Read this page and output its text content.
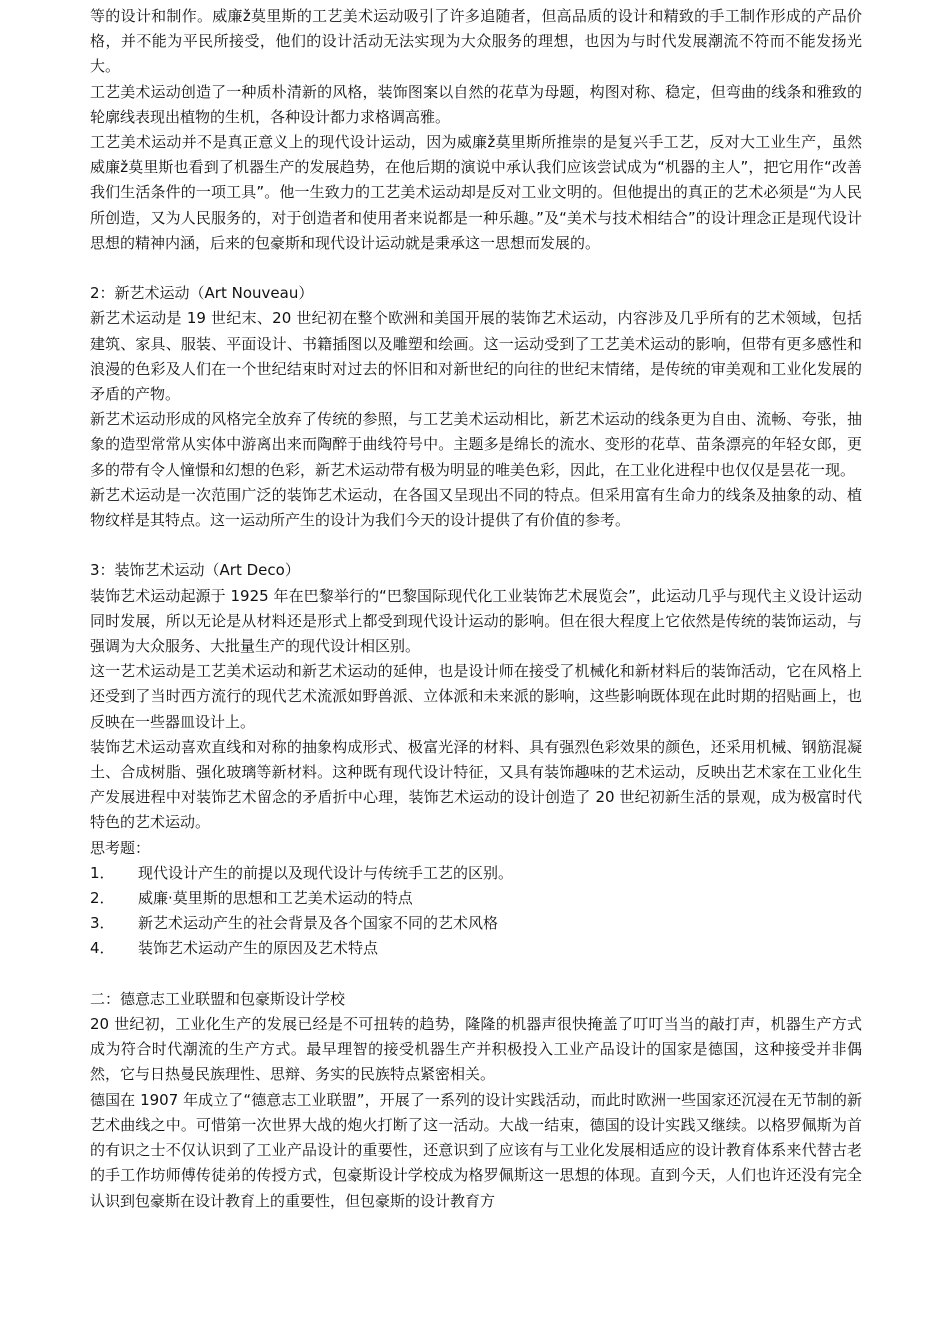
等的设计和制作。威廉ž莫里斯的工艺美术运动吸引了许多追随者，但高品质的设计和精致的手工制作形成的产品价格，并不能为平民所接受，他们的设计活动无法实现为大众服务的理想，也因为与时代发展潮流不符而不能发扬光大。

工艺美术运动创造了一种质朴清新的风格，装饰图案以自然的花草为母题，构图对称、稳定，但弯曲的线条和雅致的轮廓线表现出植物的生机，各种设计都力求格调高雅。

工艺美术运动并不是真正意义上的现代设计运动，因为威廉ž莫里斯所推崇的是复兴手工艺，反对大工业生产，虽然威廉ž莫里斯也看到了机器生产的发展趋势，在他后期的演说中承认我们应该尝试成为“机器的主人”，把它用作“改善我们生活条件的一项工具”。他一生致力的工艺美术运动却是反对工业文明的。但他提出的真正的艺术必须是“为人民所创造，又为人民服务的，对于创造者和使用者来说都是一种乐趣。”及“美术与技术相结合”的设计理念正是现代设计思想的精神内涵，后来的包豪斯和现代设计运动就是秉承这一思想而发展的。

2：新艺术运动（Art Nouveau）

新艺术运动是 19 世纪末、20 世纪初在整个欧洲和美国开展的装饰艺术运动，内容涉及几乎所有的艺术领域，包括建筑、家具、服装、平面设计、书籍插图以及雕塑和绘画。这一运动受到了工艺美术运动的影响，但带有更多感性和浪漫的色彩及人们在一个世纪结束时对过去的怀旧和对新世纪的向往的世纪末情绪，是传统的审美观和工业化发展的矛盾的产物。

新艺术运动形成的风格完全放弃了传统的参照，与工艺美术运动相比，新艺术运动的线条更为自由、流畅、夸张，抽象的造型常常从实体中游离出来而陶醉于曲线符号中。主题多是绵长的流水、变形的花草、苗条漂亮的年轻女郎，更多的带有令人憧憬和幻想的色彩，新艺术运动带有极为明显的唯美色彩，因此，在工业化进程中也仅仅是昙花一现。

新艺术运动是一次范围广泛的装饰艺术运动，在各国又呈现出不同的特点。但采用富有生命力的线条及抽象的动、植物纹样是其特点。这一运动所产生的设计为我们今天的设计提供了有价值的参考。

3：装饰艺术运动（Art Deco）

装饰艺术运动起源于 1925 年在巴黎举行的“巴黎国际现代化工业装饰艺术展览会”，此运动几乎与现代主义设计运动同时发展，所以无论是从材料还是形式上都受到现代设计运动的影响。但在很大程度上它依然是传统的装饰运动，与强调为大众服务、大批量生产的现代设计相区别。

这一艺术运动是工艺美术运动和新艺术运动的延伸，也是设计师在接受了机械化和新材料后的装饰活动，它在风格上还受到了当时西方流行的现代艺术流派如野兽派、立体派和未来派的影响，这些影响既体现在此时期的招贴画上，也反映在一些器皿设计上。

装饰艺术运动喜欢直线和对称的抽象构成形式、极富光泽的材料、具有强烈色彩效果的颜色，还采用机械、钢筋混凝土、合成树脂、强化玻璃等新材料。这种既有现代设计特征，又具有装饰趣味的艺术运动，反映出艺术家在工业化生产发展进程中对装饰艺术留念的矛盾折中心理，装饰艺术运动的设计创造了 20 世纪初新生活的景观，成为极富时代特色的艺术运动。

思考题：

1．	现代设计产生的前提以及现代设计与传统手工艺的区别。
2．	威廉·莫里斯的思想和工艺美术运动的特点
3．	新艺术运动产生的社会背景及各个国家不同的艺术风格
4．	装饰艺术运动产生的原因及艺术特点

二：德意志工业联盟和包豪斯设计学校

20 世纪初，工业化生产的发展已经是不可扭转的趋势，隆隆的机器声很快掩盖了叮叮当当的敲打声，机器生产方式成为符合时代潮流的生产方式。最早理智的接受机器生产并积极投入工业产品设计的国家是德国，这种接受并非偶然，它与日热曼民族理性、思辩、务实的民族特点紧密相关。

德国在 1907 年成立了“德意志工业联盟”，开展了一系列的设计实践活动，而此时欧洲一些国家还沉浸在无节制的新艺术曲线之中。可惜第一次世界大战的炮火打断了这一活动。大战一结束，德国的设计实践又继续。以格罗佩斯为首的有识之士不仅认识到了工业产品设计的重要性，还意识到了应该有与工业化发展相适应的设计教育体系来代替古老的手工作坊师傅传徒弟的传授方式，包豪斯设计学校成为格罗佩斯这一思想的体现。直到今天，人们也许还没有完全认识到包豪斯在设计教育上的重要性，但包豪斯的设计教育方
